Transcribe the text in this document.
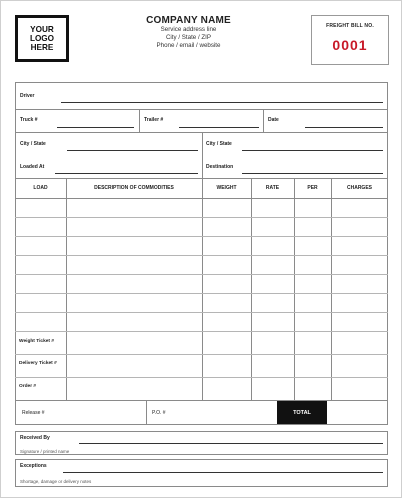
YOUR
LOGO
HERE
COMPANY NAME
Service address line
City / State / ZIP
Phone / email / website
FREIGHT BILL NO.
0001
Driver
Truck #	Trailer #	Date
City / State	City / State
Loaded At	Destination
LOAD	DESCRIPTION OF COMMODITIES	WEIGHT	RATE	PER	CHARGES
Weight Ticket #
Delivery Ticket #
Order #
Release #	P.O. #	TOTAL
Received By
Signature / printed name
Exceptions
Shortage, damage or delivery notes
